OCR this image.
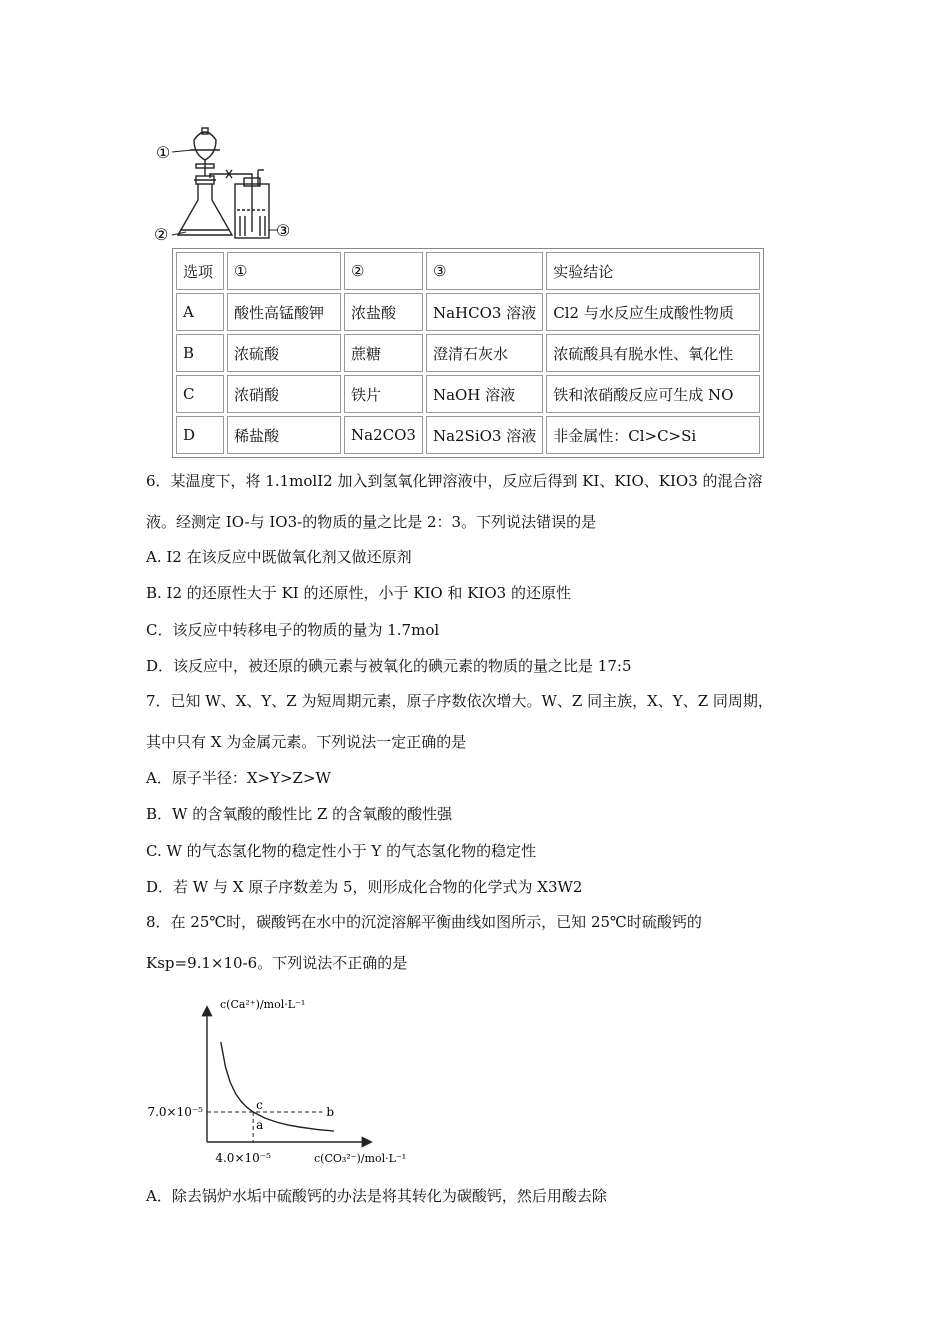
①
②	③
选项	①	②	③	实验结论
A	酸性高锰酸钾	浓盐酸	NaHCO3 溶液	Cl2 与水反应生成酸性物质
B	浓硫酸	蔗糖	澄清石灰水	浓硫酸具有脱水性、氧化性
C	浓硝酸	铁片	NaOH 溶液	铁和浓硝酸反应可生成 NO
D	稀盐酸	Na2CO3	Na2SiO3 溶液	非金属性：Cl>C>Si
6．某温度下，将 1.1molI2 加入到氢氧化钾溶液中，反应后得到 KI、KIO、KIO3 的混合溶
液。经测定 IO-与 IO3-的物质的量之比是 2：3。下列说法错误的是
A. I2 在该反应中既做氧化剂又做还原剂
B. I2 的还原性大于 KI 的还原性，小于 KIO 和 KIO3 的还原性
C．该反应中转移电子的物质的量为 1.7mol
D．该反应中，被还原的碘元素与被氧化的碘元素的物质的量之比是 17:5
7．已知 W、X、Y、Z 为短周期元素，原子序数依次增大。W、Z 同主族，X、Y、Z 同周期，
其中只有 X 为金属元素。下列说法一定正确的是
A．原子半径：X>Y>Z>W
B．W 的含氧酸的酸性比 Z 的含氧酸的酸性强
C. W 的气态氢化物的稳定性小于 Y 的气态氢化物的稳定性
D．若 W 与 X 原子序数差为 5，则形成化合物的化学式为 X3W2
8．在 25℃时，碳酸钙在水中的沉淀溶解平衡曲线如图所示，已知 25℃时硫酸钙的
Ksp=9.1×10-6。下列说法不正确的是
c(Ca²⁺)/mol·L⁻¹
c(CO₃²⁻)/mol·L⁻¹
7.0×10⁻⁵
4.0×10⁻⁵
c	b
a
A．除去锅炉水垢中硫酸钙的办法是将其转化为碳酸钙，然后用酸去除
